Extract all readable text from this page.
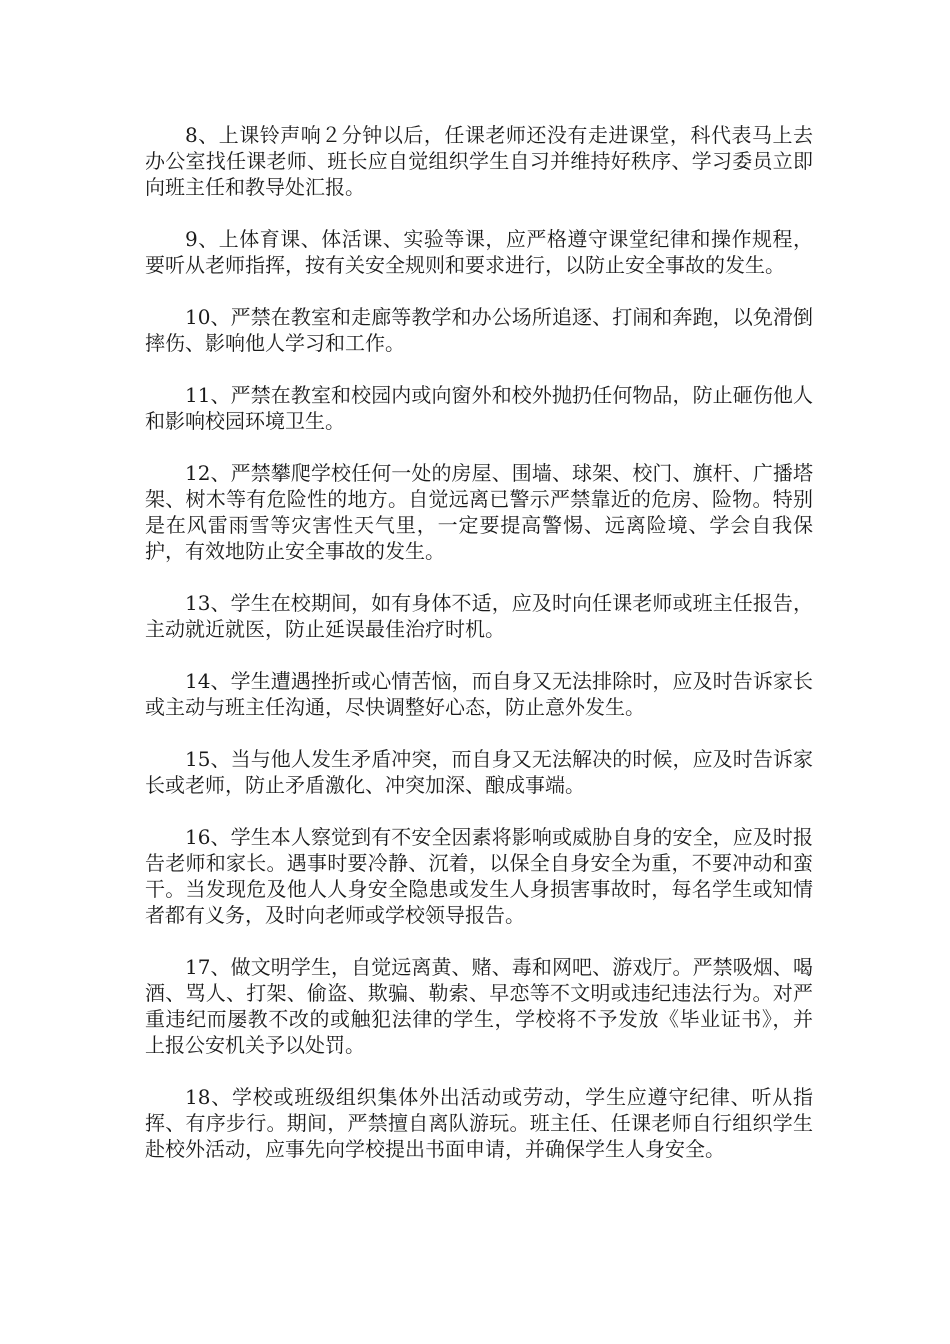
8、上课铃声响２分钟以后，任课老师还没有走进课堂，科代表马上去办公室找任课老师、班长应自觉组织学生自习并维持好秩序、学习委员立即向班主任和教导处汇报。

9、上体育课、体活课、实验等课，应严格遵守课堂纪律和操作规程，要听从老师指挥，按有关安全规则和要求进行，以防止安全事故的发生。

10、严禁在教室和走廊等教学和办公场所追逐、打闹和奔跑，以免滑倒摔伤、影响他人学习和工作。

11、严禁在教室和校园内或向窗外和校外抛扔任何物品，防止砸伤他人和影响校园环境卫生。

12、严禁攀爬学校任何一处的房屋、围墙、球架、校门、旗杆、广播塔架、树木等有危险性的地方。自觉远离已警示严禁靠近的危房、险物。特别是在风雷雨雪等灾害性天气里，一定要提高警惕、远离险境、学会自我保护，有效地防止安全事故的发生。

13、学生在校期间，如有身体不适，应及时向任课老师或班主任报告，主动就近就医，防止延误最佳治疗时机。

14、学生遭遇挫折或心情苦恼，而自身又无法排除时，应及时告诉家长或主动与班主任沟通，尽快调整好心态，防止意外发生。

15、当与他人发生矛盾冲突，而自身又无法解决的时候，应及时告诉家长或老师，防止矛盾激化、冲突加深、酿成事端。

16、学生本人察觉到有不安全因素将影响或威胁自身的安全，应及时报告老师和家长。遇事时要冷静、沉着，以保全自身安全为重，不要冲动和蛮干。当发现危及他人人身安全隐患或发生人身损害事故时，每名学生或知情者都有义务，及时向老师或学校领导报告。

17、做文明学生，自觉远离黄、赌、毒和网吧、游戏厅。严禁吸烟、喝酒、骂人、打架、偷盗、欺骗、勒索、早恋等不文明或违纪违法行为。对严重违纪而屡教不改的或触犯法律的学生，学校将不予发放《毕业证书》，并上报公安机关予以处罚。

18、学校或班级组织集体外出活动或劳动，学生应遵守纪律、听从指挥、有序步行。期间，严禁擅自离队游玩。班主任、任课老师自行组织学生赴校外活动，应事先向学校提出书面申请，并确保学生人身安全。
